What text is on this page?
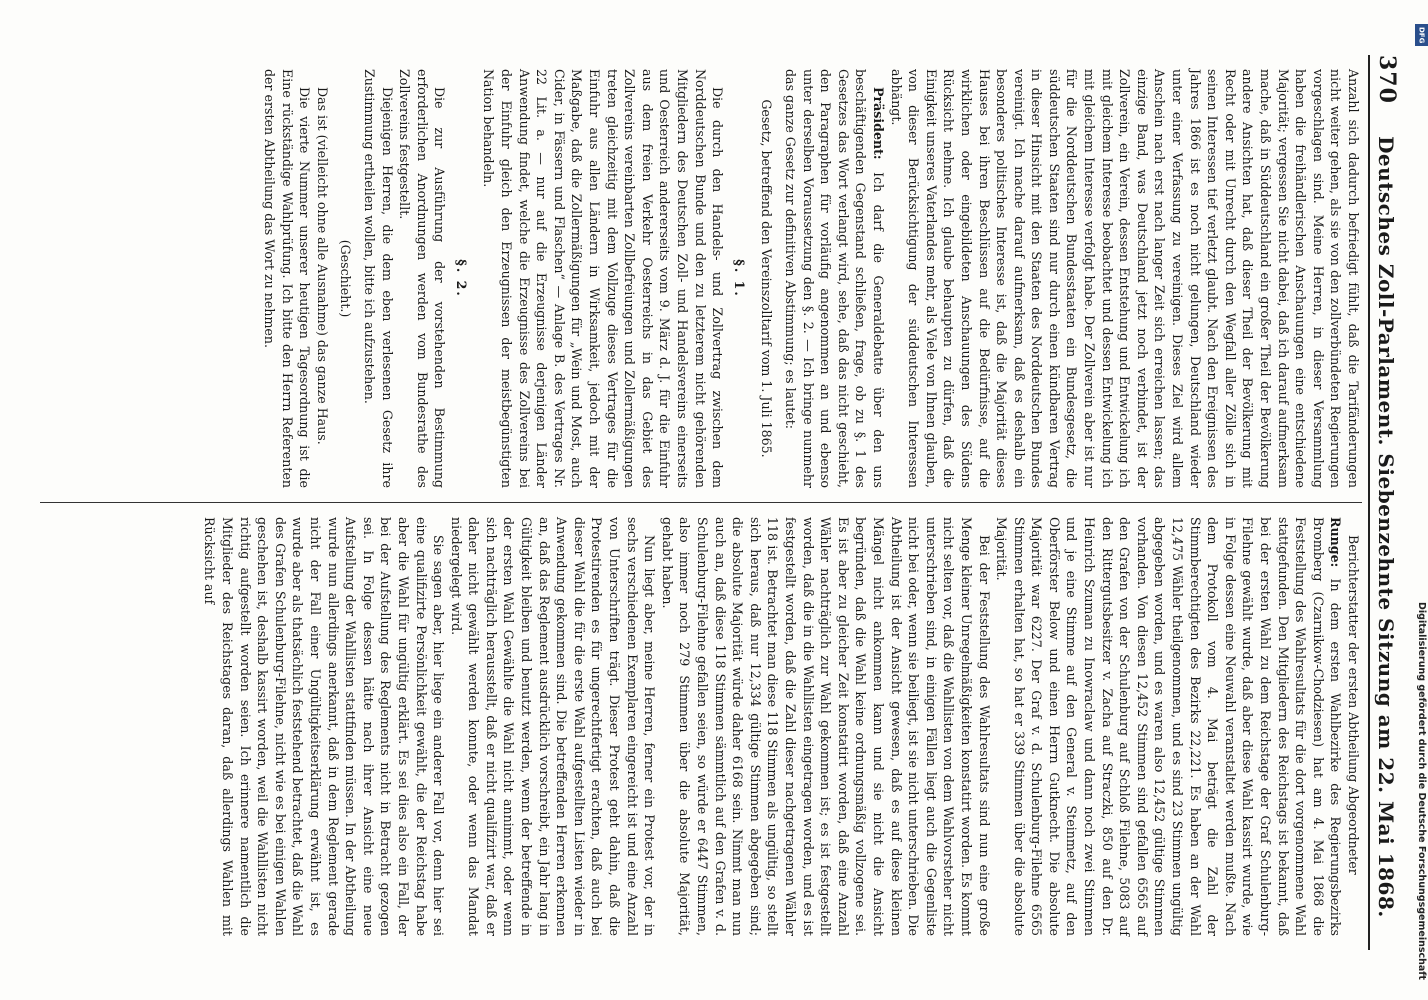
370
Deutsches Zoll-Parlament. Siebenzehnte Sitzung am 22. Mai 1868.

Anzahl sich dadurch befriedigt fühlt, daß die Tarifänderungen nicht weiter gehen, als sie von den zollverbündeten Regierungen vorgeschlagen sind. Meine Herren, in dieser Versammlung haben die freihändlerischen Anschauungen eine entschiedene Majorität; vergessen Sie nicht dabei, daß ich darauf aufmerksam mache, daß in Süddeutschland ein großer Theil der Bevölkerung andere Ansichten hat, daß dieser Theil der Bevölkerung mit Recht oder mit Unrecht durch den Wegfall aller Zölle sich in seinen Interessen tief verletzt glaubt. Nach den Ereignissen des Jahres 1866 ist es noch nicht gelungen, Deutschland wieder unter einer Verfassung zu vereinigen. Dieses Ziel wird allem Anschein nach erst nach langer Zeit sich erreichen lassen; das einzige Band, was Deutschland jetzt noch verbindet, ist der Zollverein, ein Verein, dessen Entstehung und Entwickelung ich mit gleichem Interesse beobachtet und dessen Entwickelung ich mit gleichem Interesse verfolgt habe. Der Zollverein aber ist nur für die Norddeutschen Bundesstaaten ein Bundesgesetz, die süddeutschen Staaten sind nur durch einen kündbaren Vertrag in dieser Hinsicht mit den Staaten des Norddeutschen Bundes vereinigt. Ich mache darauf aufmerksam, daß es deshalb ein besonderes politisches Interesse ist, daß die Majorität dieses Hauses bei ihren Beschlüssen auf die Bedürfnisse, auf die wirklichen oder eingebildeten Anschauungen des Südens Rücksicht nehme. Ich glaube behaupten zu dürfen, daß die Einigkeit unseres Vaterlandes mehr, als Viele von Ihnen glauben, von dieser Berücksichtigung der süddeutschen Interessen abhängt.

Präsident: Ich darf die Generaldebatte über den uns beschäftigenden Gegenstand schließen, frage, ob zu §. 1 des Gesetzes das Wort verlangt wird, sehe, daß das nicht geschieht, den Paragraphen für vorläufig angenommen an und ebenso unter derselben Voraussetzung den §. 2. — Ich bringe nunmehr das ganze Gesetz zur definitiven Abstimmung; es lautet:

Gesetz, betreffend den Vereinszolltarif vom 1. Juli 1865.

§. 1.

Die durch den Handels- und Zollvertrag zwischen dem Norddeutschen Bunde und den zu letzterem nicht gehörenden Mitgliedern des Deutschen Zoll- und Handelsvereins einerseits und Oesterreich andererseits vom 9. März d. J. für die Einfuhr aus dem freien Verkehr Oesterreichs in das Gebiet des Zollvereins vereinbarten Zollbefreiungen und Zollermäßigungen treten gleichzeitig mit dem Vollzuge dieses Vertrages für die Einfuhr aus allen Ländern in Wirksamkeit, jedoch mit der Maßgabe, daß die Zollermäßigungen für „Wein und Most, auch Cider, in Fässern und Flaschen“ — Anlage B. des Vertrages Nr. 22 Lit. a. — nur auf die Erzeugnisse derjenigen Länder Anwendung findet, welche die Erzeugnisse des Zollvereins bei der Einfuhr gleich den Erzeugnissen der meistbegünstigten Nation behandeln.

§. 2.

Die zur Ausführung der vorstehenden Bestimmung erforderlichen Anordnungen werden vom Bundesrathe des Zollvereins festgestellt.

Diejenigen Herren, die dem eben verlesenen Gesetz ihre Zustimmung ertheilen wollen, bitte ich aufzustehen.

(Geschieht.)

Das ist (vielleicht ohne alle Ausnahme) das ganze Haus.

Die vierte Nummer unserer heutigen Tagesordnung ist die Eine rückständige Wahlprüfung. Ich bitte den Herrn Referenten der ersten Abtheilung das Wort zu nehmen.

Berichterstatter der ersten Abtheilung Abgeordneter

Runge: In dem ersten Wahlbezirke des Regierungsbezirks Bromberg (Czarnikow-Chodziesen) hat am 4. Mai 1868 die Feststellung des Wahlresultats für die dort vorgenommene Wahl stattgefunden. Den Mitgliedern des Reichstags ist bekannt, daß bei der ersten Wahl zu dem Reichstage der Graf Schulenburg-Filehne gewählt wurde, daß aber diese Wahl kassirt wurde, wie in Folge dessen eine Neuwahl veranstaltet werden mußte. Nach dem Protokoll vom 4. Mai beträgt die Zahl der Stimmberechtigten des Bezirks 22,221. Es haben an der Wahl 12,475 Wähler theilgenommen, und es sind 23 Stimmen ungültig abgegeben worden, und es waren also 12,452 gültige Stimmen vorhanden. Von diesen 12,452 Stimmen sind gefallen 6565 auf den Grafen von der Schulenburg auf Schloß Filehne, 5083 auf den Rittergutsbesitzer v. Zacha auf Straczki, 850 auf den Dr. Heinrich Szuman zu Inowraclaw und dann noch zwei Stimmen und je eine Stimme auf den General v. Steinmetz, auf den Oberförster Below und einen Herrn Gutknecht. Die absolute Majorität war 6227. Der Graf v. d. Schulenburg-Filehne 6565 Stimmen erhalten hat, so hat er 339 Stimmen über die absolute Majorität.

Bei der Feststellung des Wahlresultats sind nun eine große Menge kleiner Unregelmäßigkeiten konstatirt worden. Es kommt nicht selten vor, daß die Wahllisten von dem Wahlvorsteher nicht unterschrieben sind, in einigen Fällen liegt auch die Gegenliste nicht bei oder, wenn sie beiliegt, ist sie nicht unterschrieben. Die Abtheilung ist der Ansicht gewesen, daß es auf diese kleinen Mängel nicht ankommen kann und sie nicht die Ansicht begründen, daß die Wahl keine ordnungsmäßig vollzogene sei. Es ist aber zu gleicher Zeit konstatirt worden, daß eine Anzahl Wähler nachträglich zur Wahl gekommen ist; es ist festgestellt worden, daß die in die Wahllisten eingetragen worden, und es ist festgestellt worden, daß die Zahl dieser nachgetragenen Wähler 118 ist. Betrachtet man diese 118 Stimmen als ungültig, so stellt sich heraus, daß nur 12,334 gültige Stimmen abgegeben sind; die absolute Majorität würde daher 6168 sein. Nimmt man nun auch an, daß diese 118 Stimmen sämmtlich auf den Grafen v. d. Schulenburg-Filehne gefallen seien, so würde er 6447 Stimmen, also immer noch 279 Stimmen über die absolute Majorität, gehabt haben.

Nun liegt aber, meine Herren, ferner ein Protest vor, der in sechs verschiedenen Exemplaren eingereicht ist und eine Anzahl von Unterschriften trägt. Dieser Protest geht dahin, daß die Protestirenden es für ungerechtfertigt erachten, daß auch bei dieser Wahl die für die erste Wahl aufgestellten Listen wieder in Anwendung gekommen sind. Die betreffenden Herren erkennen an, daß das Reglement ausdrücklich vorschreibt, ein Jahr lang in Gültigkeit bleiben und benutzt werden, wenn der betreffende in der ersten Wahl Gewählte die Wahl nicht annimmt, oder wenn sich nachträglich herausstellt, daß er nicht qualifizirt war, daß er daher nicht gewählt werden konnte, oder wenn das Mandat niedergelegt wird.

Sie sagen aber, hier liege ein anderer Fall vor, denn hier sei eine qualifizirte Persönlichkeit gewählt, die der Reichstag habe aber die Wahl für ungültig erklärt. Es sei dies also ein Fall, der bei der Aufstellung des Reglements nicht in Betracht gezogen sei. In Folge dessen hätte nach ihrer Ansicht eine neue Aufstellung der Wahllisten stattfinden müssen. In der Abtheilung wurde nun allerdings anerkannt, daß in dem Reglement gerade nicht der Fall einer Ungültigkeitserklärung erwähnt ist, es wurde aber als thatsächlich feststehend betrachtet, daß die Wahl des Grafen Schulenburg-Filehne, nicht wie es bei einigen Wahlen geschehen ist, deshalb kassirt worden, weil die Wahllisten nicht richtig aufgestellt worden seien. Ich erinnere namentlich die Mitglieder des Reichstages daran, daß allerdings Wahlen mit Rücksicht auf

DFG
Digitalisierung gefördert durch die Deutsche Forschungsgemeinschaft
